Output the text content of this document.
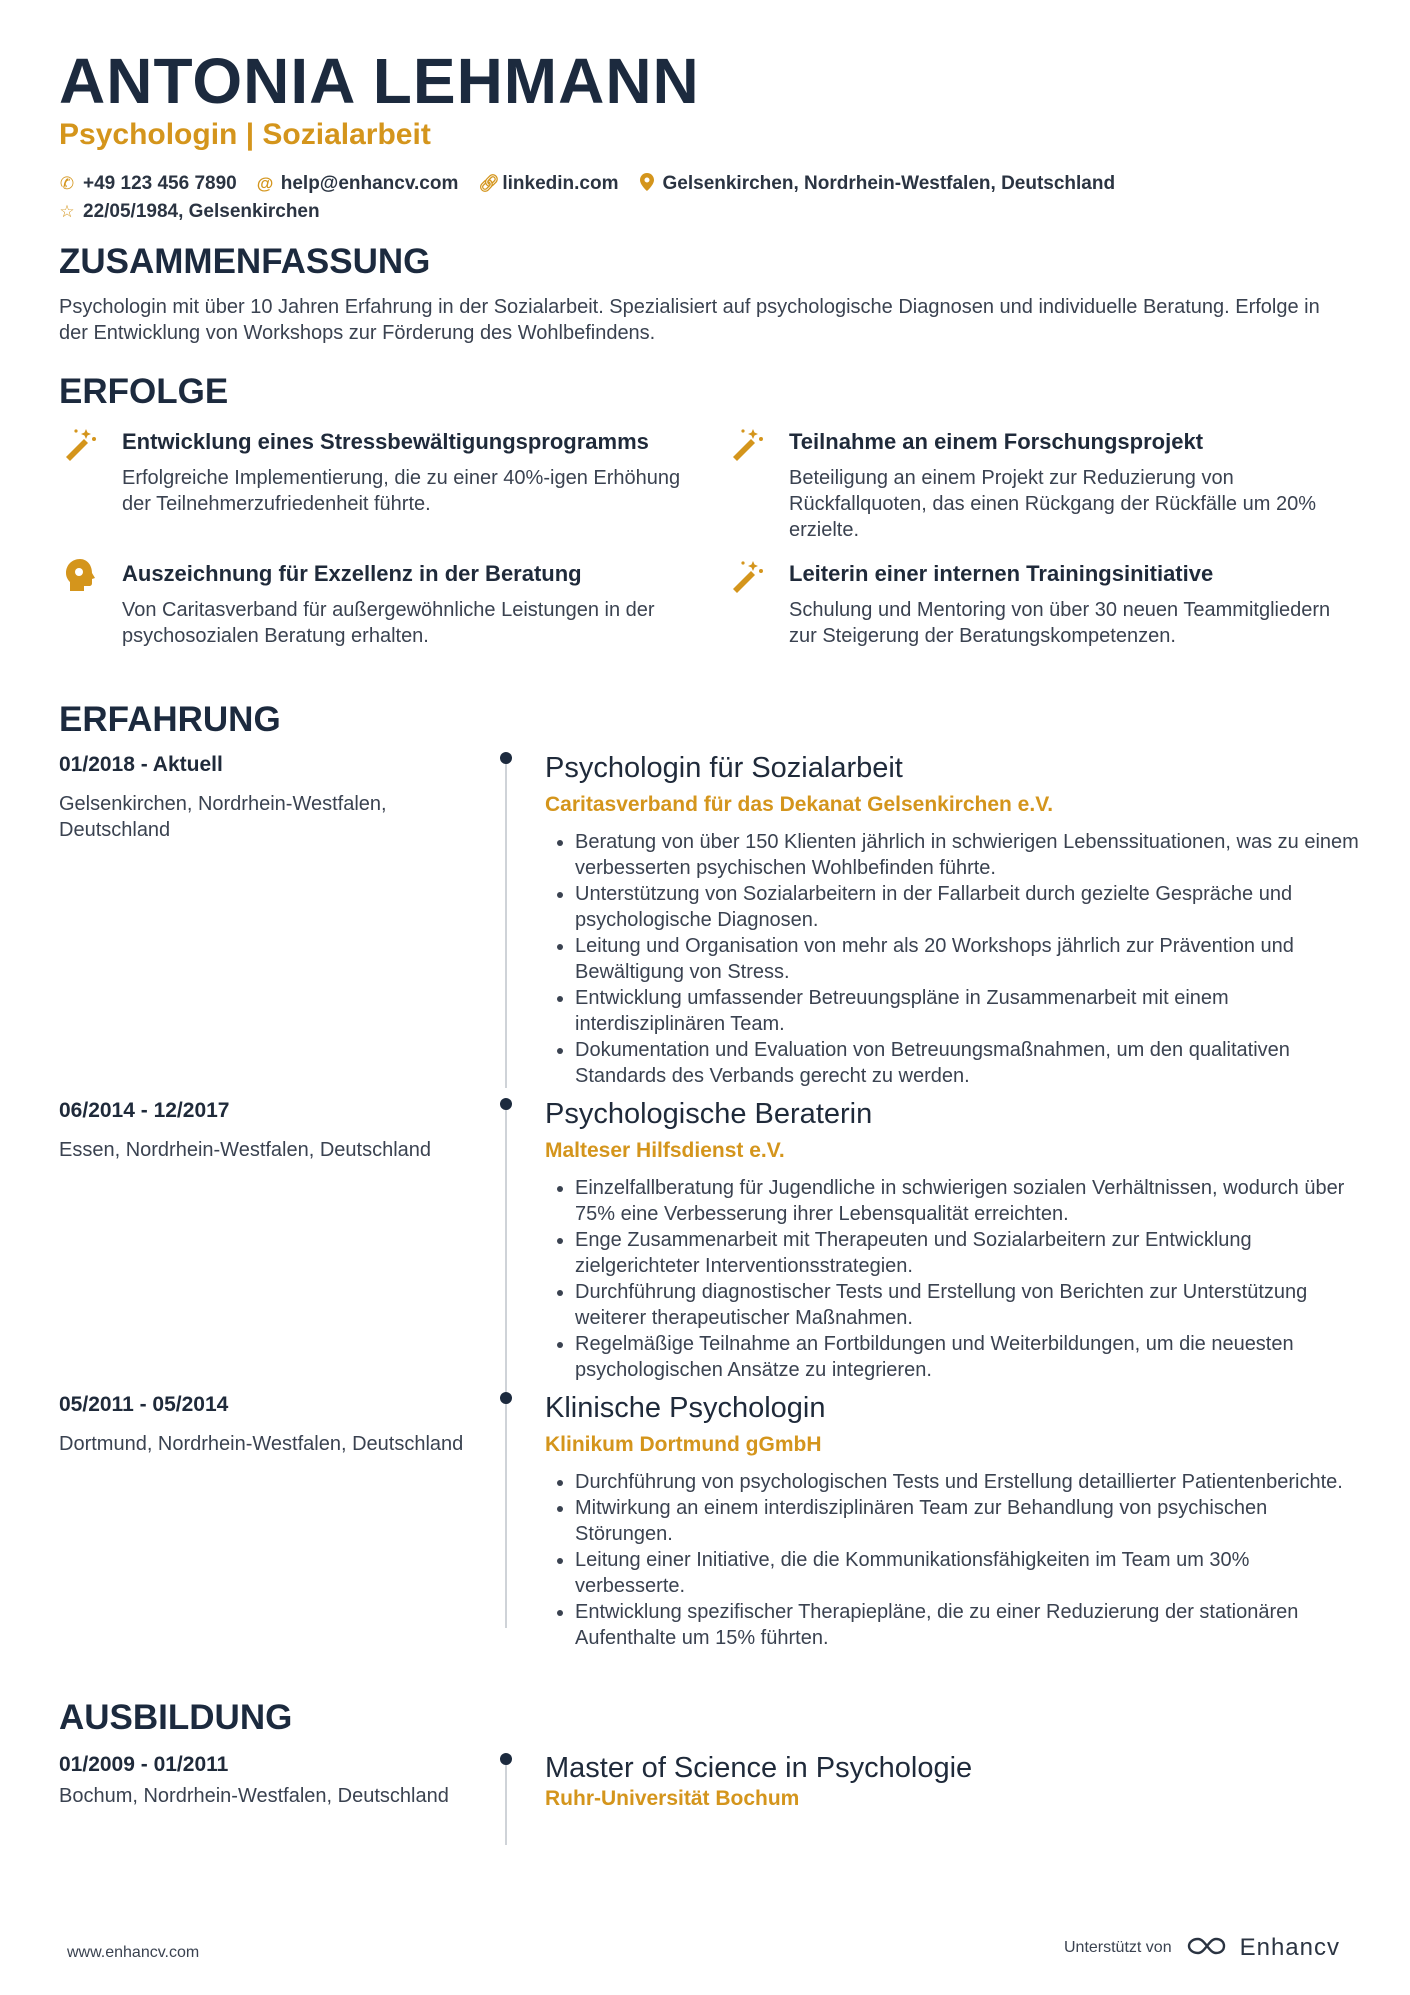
ANTONIA LEHMANN
Psychologin | Sozialarbeit
✆ +49 123 456 7890 @ help@enhancv.com 🔗︎ linkedin.com Gelsenkirchen, Nordrhein-Westfalen, Deutschland
☆ 22/05/1984, Gelsenkirchen
ZUSAMMENFASSUNG
Psychologin mit über 10 Jahren Erfahrung in der Sozialarbeit. Spezialisiert auf psychologische Diagnosen und individuelle Beratung. Erfolge in der Entwicklung von Workshops zur Förderung des Wohlbefindens.
ERFOLGE
Entwicklung eines Stressbewältigungsprogramms
Erfolgreiche Implementierung, die zu einer 40%-igen Erhöhung der Teilnehmerzufriedenheit führte.
Teilnahme an einem Forschungsprojekt
Beteiligung an einem Projekt zur Reduzierung von Rückfallquoten, das einen Rückgang der Rückfälle um 20% erzielte.
Auszeichnung für Exzellenz in der Beratung
Von Caritasverband für außergewöhnliche Leistungen in der psychosozialen Beratung erhalten.
Leiterin einer internen Trainingsinitiative
Schulung und Mentoring von über 30 neuen Teammitgliedern zur Steigerung der Beratungskompetenzen.
ERFAHRUNG
01/2018 - Aktuell
Gelsenkirchen, Nordrhein-Westfalen, Deutschland
Psychologin für Sozialarbeit
Caritasverband für das Dekanat Gelsenkirchen e.V.
• Beratung von über 150 Klienten jährlich in schwierigen Lebenssituationen, was zu einem verbesserten psychischen Wohlbefinden führte.
• Unterstützung von Sozialarbeitern in der Fallarbeit durch gezielte Gespräche und psychologische Diagnosen.
• Leitung und Organisation von mehr als 20 Workshops jährlich zur Prävention und Bewältigung von Stress.
• Entwicklung umfassender Betreuungspläne in Zusammenarbeit mit einem interdisziplinären Team.
• Dokumentation und Evaluation von Betreuungsmaßnahmen, um den qualitativen Standards des Verbands gerecht zu werden.
06/2014 - 12/2017
Essen, Nordrhein-Westfalen, Deutschland
Psychologische Beraterin
Malteser Hilfsdienst e.V.
• Einzelfallberatung für Jugendliche in schwierigen sozialen Verhältnissen, wodurch über 75% eine Verbesserung ihrer Lebensqualität erreichten.
• Enge Zusammenarbeit mit Therapeuten und Sozialarbeitern zur Entwicklung zielgerichteter Interventionsstrategien.
• Durchführung diagnostischer Tests und Erstellung von Berichten zur Unterstützung weiterer therapeutischer Maßnahmen.
• Regelmäßige Teilnahme an Fortbildungen und Weiterbildungen, um die neuesten psychologischen Ansätze zu integrieren.
05/2011 - 05/2014
Dortmund, Nordrhein-Westfalen, Deutschland
Klinische Psychologin
Klinikum Dortmund gGmbH
• Durchführung von psychologischen Tests und Erstellung detaillierter Patientenberichte.
• Mitwirkung an einem interdisziplinären Team zur Behandlung von psychischen Störungen.
• Leitung einer Initiative, die die Kommunikationsfähigkeiten im Team um 30% verbesserte.
• Entwicklung spezifischer Therapiepläne, die zu einer Reduzierung der stationären Aufenthalte um 15% führten.
AUSBILDUNG
01/2009 - 01/2011
Bochum, Nordrhein-Westfalen, Deutschland
Master of Science in Psychologie
Ruhr-Universität Bochum
www.enhancv.com	Unterstützt von	Enhancv
